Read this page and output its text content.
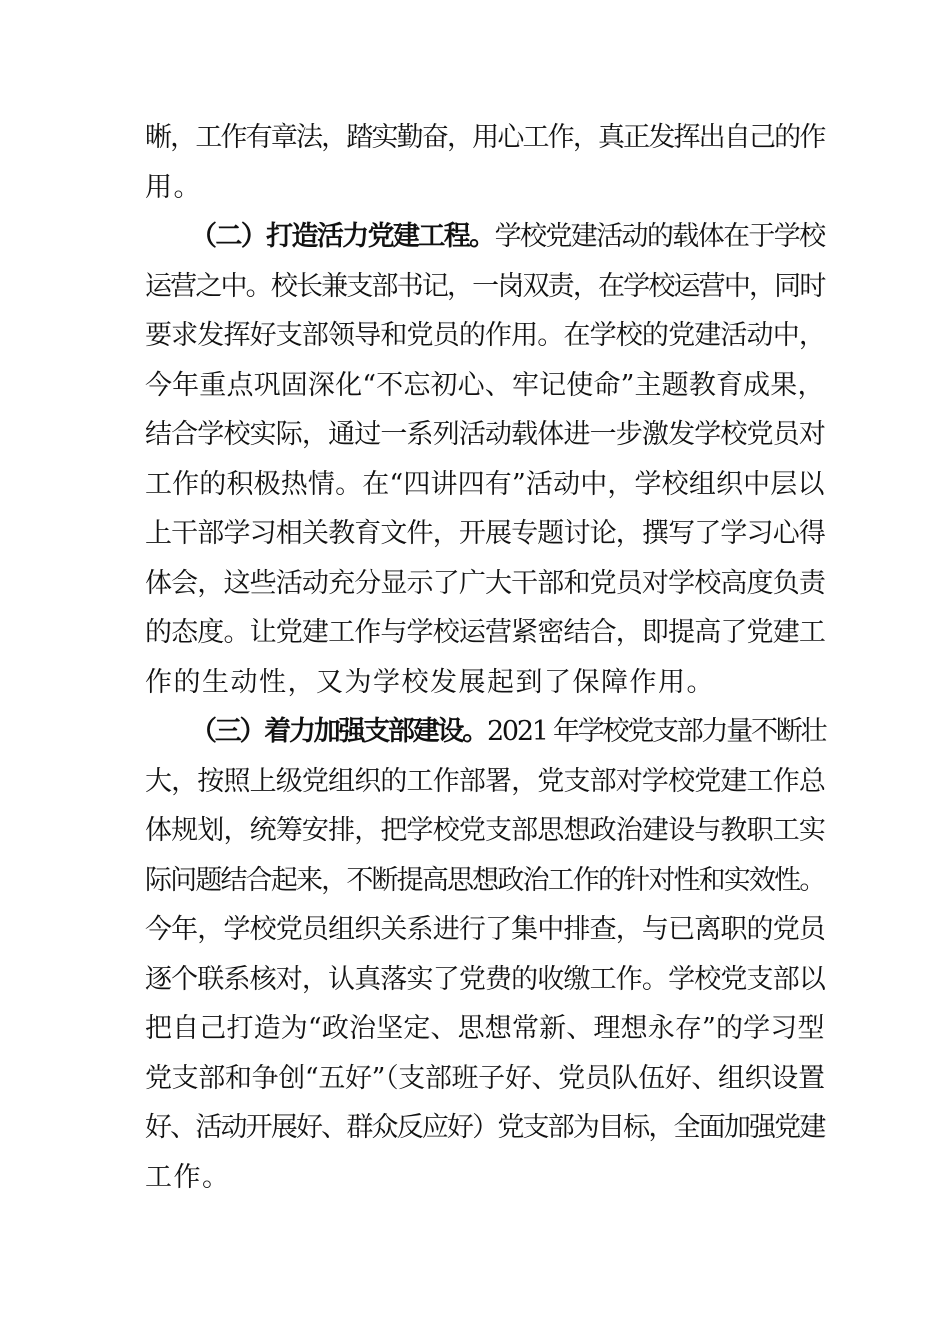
晰，工作有章法，踏实勤奋，用心工作，真正发挥出自己的作
用。
（二）打造活力党建工程。学校党建活动的载体在于学校
运营之中。校长兼支部书记，一岗双责，在学校运营中，同时
要求发挥好支部领导和党员的作用。在学校的党建活动中，
今年重点巩固深化“不忘初心、牢记使命”主题教育成果，
结合学校实际，通过一系列活动载体进一步激发学校党员对
工作的积极热情。在“四讲四有”活动中，学校组织中层以
上干部学习相关教育文件，开展专题讨论，撰写了学习心得
体会，这些活动充分显示了广大干部和党员对学校高度负责
的态度。让党建工作与学校运营紧密结合，即提高了党建工
作的生动性，又为学校发展起到了保障作用。
（三）着力加强支部建设。2021 年学校党支部力量不断壮
大，按照上级党组织的工作部署，党支部对学校党建工作总
体规划，统筹安排，把学校党支部思想政治建设与教职工实
际问题结合起来，不断提高思想政治工作的针对性和实效性。
今年，学校党员组织关系进行了集中排查，与已离职的党员
逐个联系核对，认真落实了党费的收缴工作。学校党支部以
把自己打造为“政治坚定、思想常新、理想永存”的学习型
党支部和争创“五好”（支部班子好、党员队伍好、组织设置
好、活动开展好、群众反应好）党支部为目标，全面加强党建
工作。
